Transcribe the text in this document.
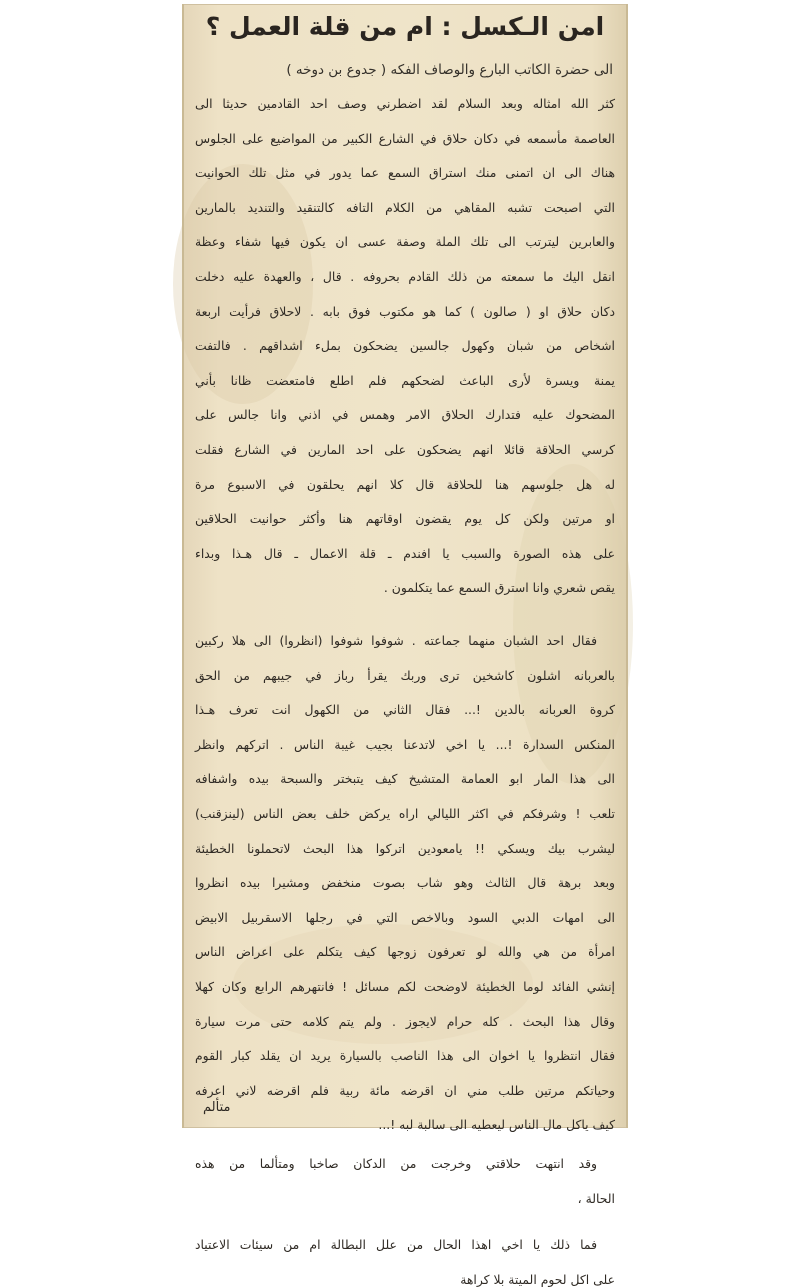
امن الـكسل : ام من قلة العمل ؟
الى حضرة الكاتب البارع والوصاف الفكه ( جدوع بن دوخه )
كثر الله امثاله وبعد السلام لقد اضطرني وصف احد القادمين حديثا الى
العاصمة مأسمعه في دكان حلاق في الشارع الكبير من المواضيع على الجلوس
هناك الى ان اتمنى منك استراق السمع عما يدور في مثل تلك الحوانيت
التي اصبحت تشبه المقاهي من الكلام التافه كالتنقيد والتنديد بالمارين
والعابرين ليترتب الى تلك الملة وصفة عسى ان يكون فيها شفاء وعظة
انقل اليك ما سمعته من ذلك القادم بحروفه . قال ، والعهدة عليه دخلت
دكان حلاق او ( صالون ) كما هو مكتوب فوق بابه . لاحلاق فرأيت اربعة
اشخاص من شبان وكهول جالسين يضحكون بملء اشداقهم . فالتفت
يمنة ويسرة لأرى الباعث لضحكهم فلم اطلع فامتعضت ظانا بأني
المضحوك عليه فتدارك الحلاق الامر وهمس في اذني وانا جالس على
كرسي الحلاقة قائلا انهم يضحكون على احد المارين في الشارع فقلت
له هل جلوسهم هنا للحلاقة قال كلا انهم يحلقون في الاسبوع مرة
او مرتين ولكن كل يوم يقضون اوقاتهم هنا وأكثر حوانيت الحلاقين
على هذه الصورة والسبب يا افندم ـ قلة الاعمال ـ قال هـذا وبداء
يقص شعري وانا استرق السمع عما يتكلمون .
فقال احد الشبان منهما جماعته . شوفوا شوفوا (انظروا) الى هلا ركبين
بالعربانه اشلون كاشخين ترى وربك يقرأ رباز في جيبهم من الحق
كروة العربانه بالدين !... فقال الثاني من الكهول انت تعرف هـذا
المنكس السدارة !... يا اخي لاتدعنا بجيب غيبة الناس . اتركهم وانظر
الى هذا المار ابو العمامة المتشيخ كيف يتبختر والسبحة بيده واشفافه
تلعب ! وشرفكم في اكثر الليالي اراه يركض خلف بعض الناس (لينزقنب)
ليشرب بيك ويسكي !! يامعودين اتركوا هذا البحث لاتحملونا الخطيئة
وبعد برهة قال الثالث وهو شاب بصوت منخفض ومشيرا بيده انظروا
الى امهات الدبي السود وبالاخص التي في رجلها الاسقربيل الابيض
امرأة من هي والله لو تعرفون زوجها كيف يتكلم على اعراض الناس
إنشي الفائد لوما الخطيئة لاوضحت لكم مسائل ! فانتهرهم الرابع وكان كهلا
وقال هذا البحث . كله حرام لايجوز . ولم يتم كلامه حتى مرت سيارة
فقال انتظروا يا اخوان الى هذا الناصب بالسيارة يريد ان يقلد كبار القوم
وحياتكم مرتين طلب مني ان اقرضه مائة ربية فلم اقرضه لاني اعرفه
كيف ياكل مال الناس ليعطيه الى سالبة لبه !...
وقد انتهت حلاقتي وخرجت من الدكان صاخبا ومتألما من هذه
الحالة ،
فما ذلك يا اخي اهذا الحال من علل البطالة ام من سيئات الاعتياد
على اكل لحوم الميتة بلا كراهة
متألم
